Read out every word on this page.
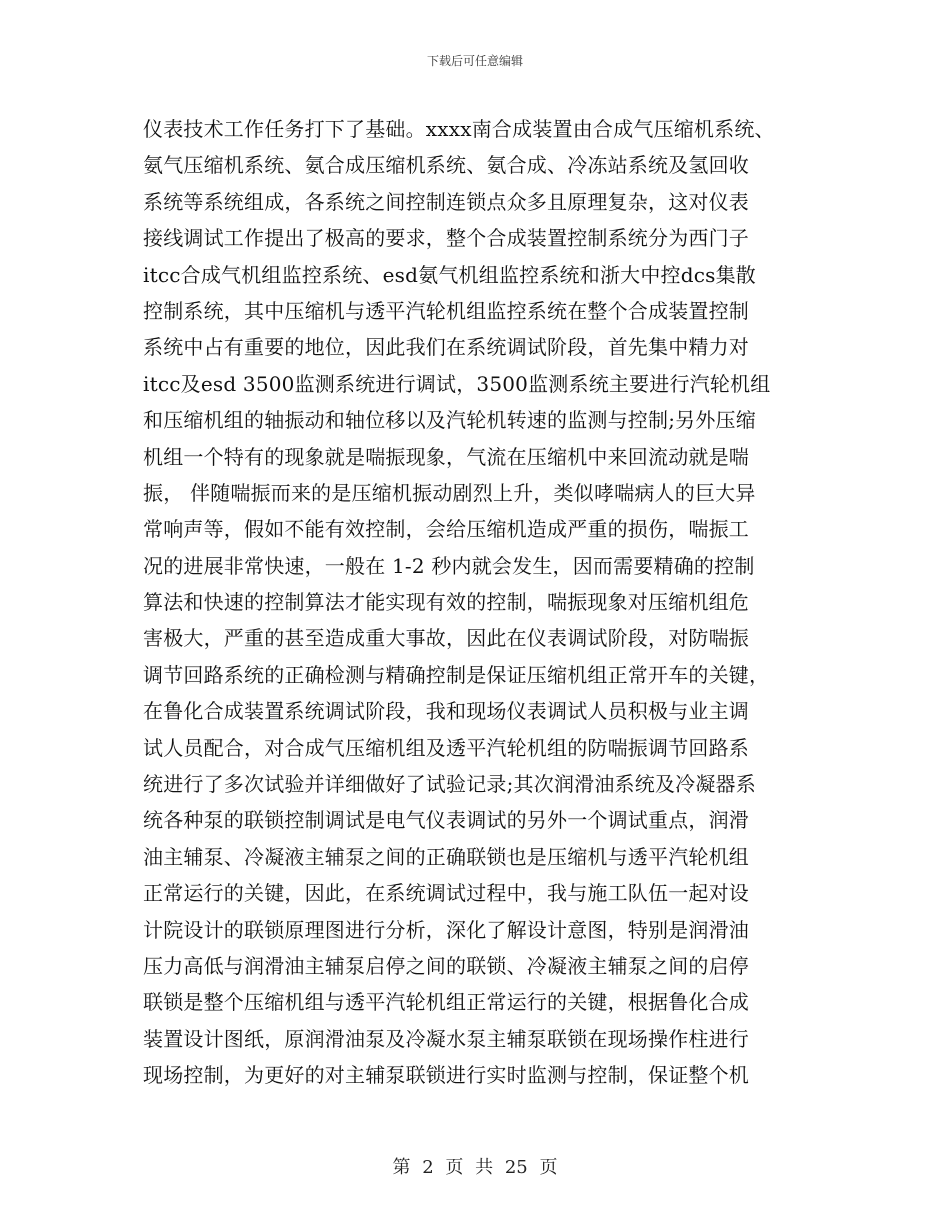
下载后可任意编辑
仪表技术工作任务打下了基础。xxxx南合成装置由合成气压缩机系统、
氨气压缩机系统、氨合成压缩机系统、氨合成、冷冻站系统及氢回收
系统等系统组成，各系统之间控制连锁点众多且原理复杂，这对仪表
接线调试工作提出了极高的要求，整个合成装置控制系统分为西门子
itcc合成气机组监控系统、esd氨气机组监控系统和浙大中控dcs集散
控制系统，其中压缩机与透平汽轮机组监控系统在整个合成装置控制
系统中占有重要的地位，因此我们在系统调试阶段，首先集中精力对
itcc及esd 3500监测系统进行调试，3500监测系统主要进行汽轮机组
和压缩机组的轴振动和轴位移以及汽轮机转速的监测与控制;另外压缩
机组一个特有的现象就是喘振现象，气流在压缩机中来回流动就是喘
振， 伴随喘振而来的是压缩机振动剧烈上升，类似哮喘病人的巨大异
常响声等，假如不能有效控制，会给压缩机造成严重的损伤，喘振工
况的进展非常快速，一般在 1-2 秒内就会发生，因而需要精确的控制
算法和快速的控制算法才能实现有效的控制，喘振现象对压缩机组危
害极大，严重的甚至造成重大事故，因此在仪表调试阶段，对防喘振
调节回路系统的正确检测与精确控制是保证压缩机组正常开车的关键，
在鲁化合成装置系统调试阶段，我和现场仪表调试人员积极与业主调
试人员配合，对合成气压缩机组及透平汽轮机组的防喘振调节回路系
统进行了多次试验并详细做好了试验记录;其次润滑油系统及冷凝器系
统各种泵的联锁控制调试是电气仪表调试的另外一个调试重点，润滑
油主辅泵、冷凝液主辅泵之间的正确联锁也是压缩机与透平汽轮机组
正常运行的关键，因此，在系统调试过程中，我与施工队伍一起对设
计院设计的联锁原理图进行分析，深化了解设计意图，特别是润滑油
压力高低与润滑油主辅泵启停之间的联锁、冷凝液主辅泵之间的启停
联锁是整个压缩机组与透平汽轮机组正常运行的关键，根据鲁化合成
装置设计图纸，原润滑油泵及冷凝水泵主辅泵联锁在现场操作柱进行
现场控制，为更好的对主辅泵联锁进行实时监测与控制，保证整个机
第 2 页 共 25 页
